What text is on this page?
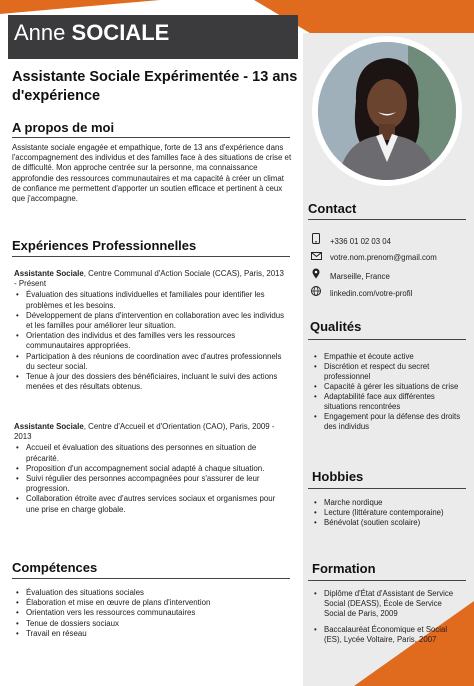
Anne SOCIALE
Assistante Sociale Expérimentée - 13 ans d'expérience
A propos de moi
Assistante sociale engagée et empathique, forte de 13 ans d'expérience dans l'accompagnement des individus et des familles face à des situations de crise et de difficulté. Mon approche centrée sur la personne, ma connaissance approfondie des ressources communautaires et ma capacité à créer un climat de confiance me permettent d'apporter un soutien efficace et pertinent à ceux que j'accompagne.
Expériences Professionnelles
Assistante Sociale, Centre Communal d'Action Sociale (CCAS), Paris, 2013 - Présent
• Évaluation des situations individuelles et familiales pour identifier les problèmes et les besoins.
• Développement de plans d'intervention en collaboration avec les individus et les familles pour améliorer leur situation.
• Orientation des individus et des familles vers les ressources communautaires appropriées.
• Participation à des réunions de coordination avec d'autres professionnels du secteur social.
• Tenue à jour des dossiers des bénéficiaires, incluant le suivi des actions menées et des résultats obtenus.
Assistante Sociale, Centre d'Accueil et d'Orientation (CAO), Paris, 2009 - 2013
• Accueil et évaluation des situations des personnes en situation de précarité.
• Proposition d'un accompagnement social adapté à chaque situation.
• Suivi régulier des personnes accompagnées pour s'assurer de leur progression.
• Collaboration étroite avec d'autres services sociaux et organismes pour une prise en charge globale.
Compétences
• Évaluation des situations sociales
• Élaboration et mise en œuvre de plans d'intervention
• Orientation vers les ressources communautaires
• Tenue de dossiers sociaux
• Travail en réseau
Contact
+336 01 02 03 04
votre.nom.prenom@gmail.com
Marseille, France
linkedin.com/votre-profil
Qualités
• Empathie et écoute active
• Discrétion et respect du secret professionnel
• Capacité à gérer les situations de crise
• Adaptabilité face aux différentes situations rencontrées
• Engagement pour la défense des droits des individus
Hobbies
• Marche nordique
• Lecture (littérature contemporaine)
• Bénévolat (soutien scolaire)
Formation
• Diplôme d'État d'Assistant de Service Social (DEASS), École de Service Social de Paris, 2009
• Baccalauréat Économique et Social (ES), Lycée Voltaire, Paris, 2007
